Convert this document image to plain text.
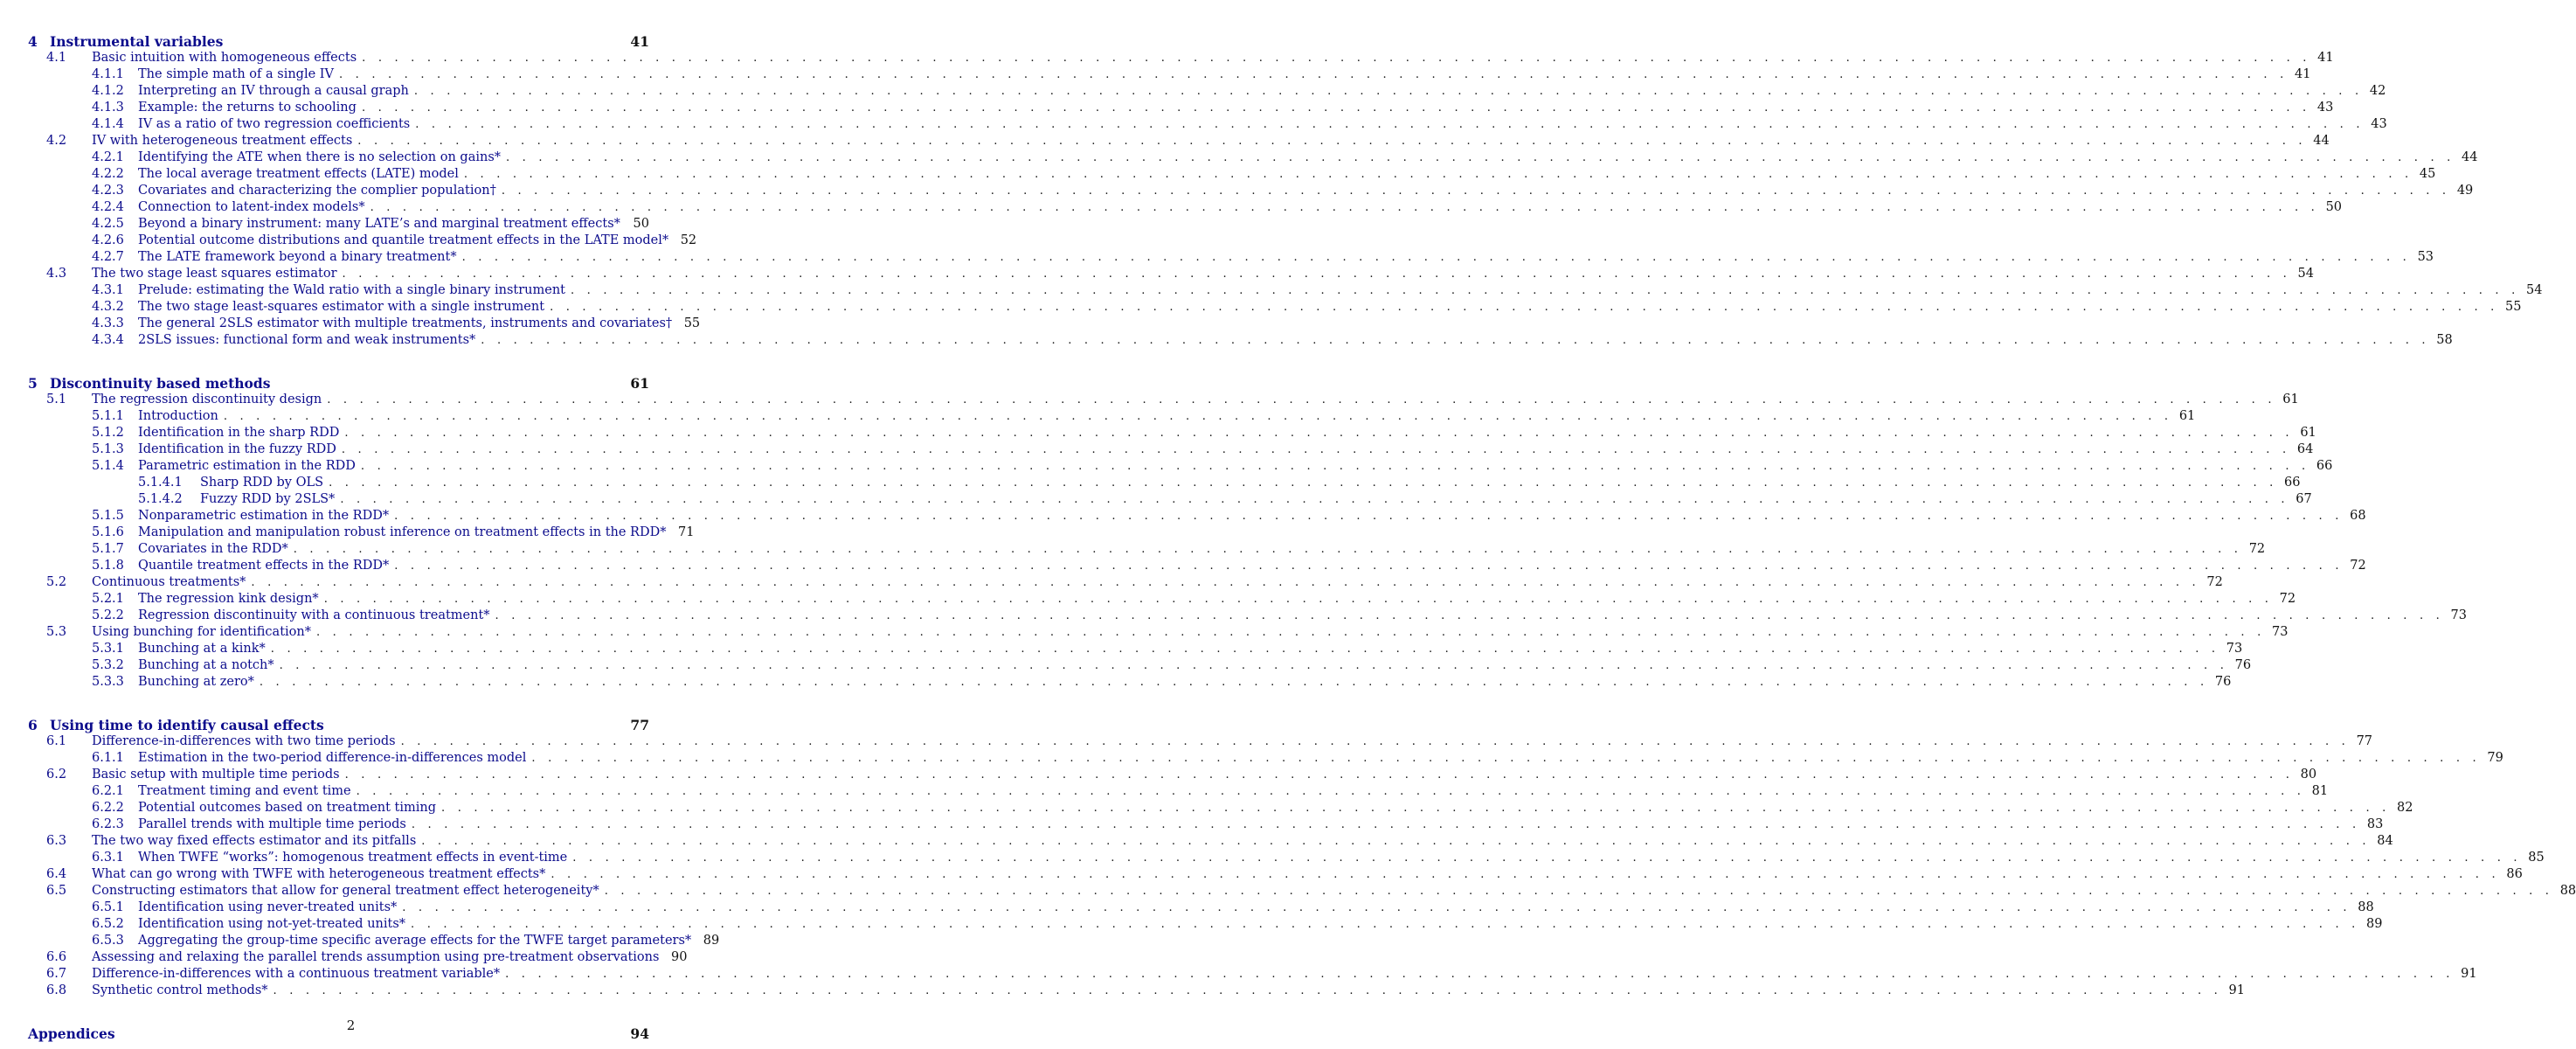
4 Instrumental variables	41
4.1	Basic intuition with homogeneous effects . . . . . . . . . . . . . . . . . . . . . . . . . . . . . . . . . . . . . . . . . . . . . . . . . . . . . . . . . . . . . . . . . . . . . . . . . . . . . . . . . . . . . . . . . . . . . . . . . . . . . . . . . . . . . . . . . . . . . . . . 41
4.1.1	The simple math of a single IV . . . . . . . . . . . . . . . . . . . . . . . . . . . . . . . . . . . . . . . . . . . . . . . . . . . . . . . . . . . . . . . . . . . . . . . . . . . . . . . . . . . . . . . . . . . . . . . . . . . . . . . . . . . . . . . . . . . . . . . . 41
4.1.2	Interpreting an IV through a causal graph . . . . . . . . . . . . . . . . . . . . . . . . . . . . . . . . . . . . . . . . . . . . . . . . . . . . . . . . . . . . . . . . . . . . . . . . . . . . . . . . . . . . . . . . . . . . . . . . . . . . . . . . . . . . . . . . . . . . . . . . 42
4.1.3	Example: the returns to schooling . . . . . . . . . . . . . . . . . . . . . . . . . . . . . . . . . . . . . . . . . . . . . . . . . . . . . . . . . . . . . . . . . . . . . . . . . . . . . . . . . . . . . . . . . . . . . . . . . . . . . . . . . . . . . . . . . . . . . . . . 43
4.1.4	IV as a ratio of two regression coefficients . . . . . . . . . . . . . . . . . . . . . . . . . . . . . . . . . . . . . . . . . . . . . . . . . . . . . . . . . . . . . . . . . . . . . . . . . . . . . . . . . . . . . . . . . . . . . . . . . . . . . . . . . . . . . . . . . . . . . . . . 43
4.2	IV with heterogeneous treatment effects . . . . . . . . . . . . . . . . . . . . . . . . . . . . . . . . . . . . . . . . . . . . . . . . . . . . . . . . . . . . . . . . . . . . . . . . . . . . . . . . . . . . . . . . . . . . . . . . . . . . . . . . . . . . . . . . . . . . . . . . 44
4.2.1	Identifying the ATE when there is no selection on gains* . . . . . . . . . . . . . . . . . . . . . . . . . . . . . . . . . . . . . . . . . . . . . . . . . . . . . . . . . . . . . . . . . . . . . . . . . . . . . . . . . . . . . . . . . . . . . . . . . . . . . . . . . . . . . . . . . . . . . . . . 44
4.2.2	The local average treatment effects (LATE) model . . . . . . . . . . . . . . . . . . . . . . . . . . . . . . . . . . . . . . . . . . . . . . . . . . . . . . . . . . . . . . . . . . . . . . . . . . . . . . . . . . . . . . . . . . . . . . . . . . . . . . . . . . . . . . . . . . . . . . . . 45
4.2.3	Covariates and characterizing the complier population† . . . . . . . . . . . . . . . . . . . . . . . . . . . . . . . . . . . . . . . . . . . . . . . . . . . . . . . . . . . . . . . . . . . . . . . . . . . . . . . . . . . . . . . . . . . . . . . . . . . . . . . . . . . . . . . . . . . . . . . . 49
4.2.4	Connection to latent-index models* . . . . . . . . . . . . . . . . . . . . . . . . . . . . . . . . . . . . . . . . . . . . . . . . . . . . . . . . . . . . . . . . . . . . . . . . . . . . . . . . . . . . . . . . . . . . . . . . . . . . . . . . . . . . . . . . . . . . . . . . 50
4.2.5	Beyond a binary instrument: many LATE’s and marginal treatment effects* 50
4.2.6	Potential outcome distributions and quantile treatment effects in the LATE model* 52
4.2.7	The LATE framework beyond a binary treatment* . . . . . . . . . . . . . . . . . . . . . . . . . . . . . . . . . . . . . . . . . . . . . . . . . . . . . . . . . . . . . . . . . . . . . . . . . . . . . . . . . . . . . . . . . . . . . . . . . . . . . . . . . . . . . . . . . . . . . . . . 53
4.3	The two stage least squares estimator . . . . . . . . . . . . . . . . . . . . . . . . . . . . . . . . . . . . . . . . . . . . . . . . . . . . . . . . . . . . . . . . . . . . . . . . . . . . . . . . . . . . . . . . . . . . . . . . . . . . . . . . . . . . . . . . . . . . . . . . 54
4.3.1	Prelude: estimating the Wald ratio with a single binary instrument . . . . . . . . . . . . . . . . . . . . . . . . . . . . . . . . . . . . . . . . . . . . . . . . . . . . . . . . . . . . . . . . . . . . . . . . . . . . . . . . . . . . . . . . . . . . . . . . . . . . . . . . . . . . . . . . . . . . . . . . 54
4.3.2	The two stage least-squares estimator with a single instrument . . . . . . . . . . . . . . . . . . . . . . . . . . . . . . . . . . . . . . . . . . . . . . . . . . . . . . . . . . . . . . . . . . . . . . . . . . . . . . . . . . . . . . . . . . . . . . . . . . . . . . . . . . . . . . . . . . . . . . . . 55
4.3.3	The general 2SLS estimator with multiple treatments, instruments and covariates† 55
4.3.4	2SLS issues: functional form and weak instruments* . . . . . . . . . . . . . . . . . . . . . . . . . . . . . . . . . . . . . . . . . . . . . . . . . . . . . . . . . . . . . . . . . . . . . . . . . . . . . . . . . . . . . . . . . . . . . . . . . . . . . . . . . . . . . . . . . . . . . . . . 58
5 Discontinuity based methods	61
5.1	The regression discontinuity design . . . . . . . . . . . . . . . . . . . . . . . . . . . . . . . . . . . . . . . . . . . . . . . . . . . . . . . . . . . . . . . . . . . . . . . . . . . . . . . . . . . . . . . . . . . . . . . . . . . . . . . . . . . . . . . . . . . . . . . . 61
5.1.1	Introduction . . . . . . . . . . . . . . . . . . . . . . . . . . . . . . . . . . . . . . . . . . . . . . . . . . . . . . . . . . . . . . . . . . . . . . . . . . . . . . . . . . . . . . . . . . . . . . . . . . . . . . . . . . . . . . . . . . . . . . . . 61
5.1.2	Identification in the sharp RDD . . . . . . . . . . . . . . . . . . . . . . . . . . . . . . . . . . . . . . . . . . . . . . . . . . . . . . . . . . . . . . . . . . . . . . . . . . . . . . . . . . . . . . . . . . . . . . . . . . . . . . . . . . . . . . . . . . . . . . . . 61
5.1.3	Identification in the fuzzy RDD . . . . . . . . . . . . . . . . . . . . . . . . . . . . . . . . . . . . . . . . . . . . . . . . . . . . . . . . . . . . . . . . . . . . . . . . . . . . . . . . . . . . . . . . . . . . . . . . . . . . . . . . . . . . . . . . . . . . . . . . 64
5.1.4	Parametric estimation in the RDD . . . . . . . . . . . . . . . . . . . . . . . . . . . . . . . . . . . . . . . . . . . . . . . . . . . . . . . . . . . . . . . . . . . . . . . . . . . . . . . . . . . . . . . . . . . . . . . . . . . . . . . . . . . . . . . . . . . . . . . . 66
5.1.4.1	Sharp RDD by OLS . . . . . . . . . . . . . . . . . . . . . . . . . . . . . . . . . . . . . . . . . . . . . . . . . . . . . . . . . . . . . . . . . . . . . . . . . . . . . . . . . . . . . . . . . . . . . . . . . . . . . . . . . . . . . . . . . . . . . . . . 66
5.1.4.2	Fuzzy RDD by 2SLS* . . . . . . . . . . . . . . . . . . . . . . . . . . . . . . . . . . . . . . . . . . . . . . . . . . . . . . . . . . . . . . . . . . . . . . . . . . . . . . . . . . . . . . . . . . . . . . . . . . . . . . . . . . . . . . . . . . . . . . . . 67
5.1.5	Nonparametric estimation in the RDD* . . . . . . . . . . . . . . . . . . . . . . . . . . . . . . . . . . . . . . . . . . . . . . . . . . . . . . . . . . . . . . . . . . . . . . . . . . . . . . . . . . . . . . . . . . . . . . . . . . . . . . . . . . . . . . . . . . . . . . . . 68
5.1.6	Manipulation and manipulation robust inference on treatment effects in the RDD* 71
5.1.7	Covariates in the RDD* . . . . . . . . . . . . . . . . . . . . . . . . . . . . . . . . . . . . . . . . . . . . . . . . . . . . . . . . . . . . . . . . . . . . . . . . . . . . . . . . . . . . . . . . . . . . . . . . . . . . . . . . . . . . . . . . . . . . . . . . 72
5.1.8	Quantile treatment effects in the RDD* . . . . . . . . . . . . . . . . . . . . . . . . . . . . . . . . . . . . . . . . . . . . . . . . . . . . . . . . . . . . . . . . . . . . . . . . . . . . . . . . . . . . . . . . . . . . . . . . . . . . . . . . . . . . . . . . . . . . . . . . 72
5.2	Continuous treatments* . . . . . . . . . . . . . . . . . . . . . . . . . . . . . . . . . . . . . . . . . . . . . . . . . . . . . . . . . . . . . . . . . . . . . . . . . . . . . . . . . . . . . . . . . . . . . . . . . . . . . . . . . . . . . . . . . . . . . . . . 72
5.2.1	The regression kink design* . . . . . . . . . . . . . . . . . . . . . . . . . . . . . . . . . . . . . . . . . . . . . . . . . . . . . . . . . . . . . . . . . . . . . . . . . . . . . . . . . . . . . . . . . . . . . . . . . . . . . . . . . . . . . . . . . . . . . . . . 72
5.2.2	Regression discontinuity with a continuous treatment* . . . . . . . . . . . . . . . . . . . . . . . . . . . . . . . . . . . . . . . . . . . . . . . . . . . . . . . . . . . . . . . . . . . . . . . . . . . . . . . . . . . . . . . . . . . . . . . . . . . . . . . . . . . . . . . . . . . . . . . . 73
5.3	Using bunching for identification* . . . . . . . . . . . . . . . . . . . . . . . . . . . . . . . . . . . . . . . . . . . . . . . . . . . . . . . . . . . . . . . . . . . . . . . . . . . . . . . . . . . . . . . . . . . . . . . . . . . . . . . . . . . . . . . . . . . . . . . . 73
5.3.1	Bunching at a kink* . . . . . . . . . . . . . . . . . . . . . . . . . . . . . . . . . . . . . . . . . . . . . . . . . . . . . . . . . . . . . . . . . . . . . . . . . . . . . . . . . . . . . . . . . . . . . . . . . . . . . . . . . . . . . . . . . . . . . . . . 73
5.3.2	Bunching at a notch* . . . . . . . . . . . . . . . . . . . . . . . . . . . . . . . . . . . . . . . . . . . . . . . . . . . . . . . . . . . . . . . . . . . . . . . . . . . . . . . . . . . . . . . . . . . . . . . . . . . . . . . . . . . . . . . . . . . . . . . . 76
5.3.3	Bunching at zero* . . . . . . . . . . . . . . . . . . . . . . . . . . . . . . . . . . . . . . . . . . . . . . . . . . . . . . . . . . . . . . . . . . . . . . . . . . . . . . . . . . . . . . . . . . . . . . . . . . . . . . . . . . . . . . . . . . . . . . . . 76
6 Using time to identify causal effects	77
6.1	Difference-in-differences with two time periods . . . . . . . . . . . . . . . . . . . . . . . . . . . . . . . . . . . . . . . . . . . . . . . . . . . . . . . . . . . . . . . . . . . . . . . . . . . . . . . . . . . . . . . . . . . . . . . . . . . . . . . . . . . . . . . . . . . . . . . . 77
6.1.1	Estimation in the two-period difference-in-differences model . . . . . . . . . . . . . . . . . . . . . . . . . . . . . . . . . . . . . . . . . . . . . . . . . . . . . . . . . . . . . . . . . . . . . . . . . . . . . . . . . . . . . . . . . . . . . . . . . . . . . . . . . . . . . . . . . . . . . . . . 79
6.2	Basic setup with multiple time periods . . . . . . . . . . . . . . . . . . . . . . . . . . . . . . . . . . . . . . . . . . . . . . . . . . . . . . . . . . . . . . . . . . . . . . . . . . . . . . . . . . . . . . . . . . . . . . . . . . . . . . . . . . . . . . . . . . . . . . . . 80
6.2.1	Treatment timing and event time . . . . . . . . . . . . . . . . . . . . . . . . . . . . . . . . . . . . . . . . . . . . . . . . . . . . . . . . . . . . . . . . . . . . . . . . . . . . . . . . . . . . . . . . . . . . . . . . . . . . . . . . . . . . . . . . . . . . . . . . 81
6.2.2	Potential outcomes based on treatment timing . . . . . . . . . . . . . . . . . . . . . . . . . . . . . . . . . . . . . . . . . . . . . . . . . . . . . . . . . . . . . . . . . . . . . . . . . . . . . . . . . . . . . . . . . . . . . . . . . . . . . . . . . . . . . . . . . . . . . . . . 82
6.2.3	Parallel trends with multiple time periods . . . . . . . . . . . . . . . . . . . . . . . . . . . . . . . . . . . . . . . . . . . . . . . . . . . . . . . . . . . . . . . . . . . . . . . . . . . . . . . . . . . . . . . . . . . . . . . . . . . . . . . . . . . . . . . . . . . . . . . . 83
6.3	The two way fixed effects estimator and its pitfalls . . . . . . . . . . . . . . . . . . . . . . . . . . . . . . . . . . . . . . . . . . . . . . . . . . . . . . . . . . . . . . . . . . . . . . . . . . . . . . . . . . . . . . . . . . . . . . . . . . . . . . . . . . . . . . . . . . . . . . . . 84
6.3.1	When TWFE “works”: homogenous treatment effects in event-time . . . . . . . . . . . . . . . . . . . . . . . . . . . . . . . . . . . . . . . . . . . . . . . . . . . . . . . . . . . . . . . . . . . . . . . . . . . . . . . . . . . . . . . . . . . . . . . . . . . . . . . . . . . . . . . . . . . . . . . . 85
6.4	What can go wrong with TWFE with heterogeneous treatment effects* . . . . . . . . . . . . . . . . . . . . . . . . . . . . . . . . . . . . . . . . . . . . . . . . . . . . . . . . . . . . . . . . . . . . . . . . . . . . . . . . . . . . . . . . . . . . . . . . . . . . . . . . . . . . . . . . . . . . . . . . 86
6.5	Constructing estimators that allow for general treatment effect heterogeneity* . . . . . . . . . . . . . . . . . . . . . . . . . . . . . . . . . . . . . . . . . . . . . . . . . . . . . . . . . . . . . . . . . . . . . . . . . . . . . . . . . . . . . . . . . . . . . . . . . . . . . . . . . . . . . . . . . . . . . . . . 88
6.5.1	Identification using never-treated units* . . . . . . . . . . . . . . . . . . . . . . . . . . . . . . . . . . . . . . . . . . . . . . . . . . . . . . . . . . . . . . . . . . . . . . . . . . . . . . . . . . . . . . . . . . . . . . . . . . . . . . . . . . . . . . . . . . . . . . . . 88
6.5.2	Identification using not-yet-treated units* . . . . . . . . . . . . . . . . . . . . . . . . . . . . . . . . . . . . . . . . . . . . . . . . . . . . . . . . . . . . . . . . . . . . . . . . . . . . . . . . . . . . . . . . . . . . . . . . . . . . . . . . . . . . . . . . . . . . . . . . 89
6.5.3	Aggregating the group-time specific average effects for the TWFE target parameters* 89
6.6	Assessing and relaxing the parallel trends assumption using pre-treatment observations 90
6.7	Difference-in-differences with a continuous treatment variable* . . . . . . . . . . . . . . . . . . . . . . . . . . . . . . . . . . . . . . . . . . . . . . . . . . . . . . . . . . . . . . . . . . . . . . . . . . . . . . . . . . . . . . . . . . . . . . . . . . . . . . . . . . . . . . . . . . . . . . . . 91
6.8	Synthetic control methods* . . . . . . . . . . . . . . . . . . . . . . . . . . . . . . . . . . . . . . . . . . . . . . . . . . . . . . . . . . . . . . . . . . . . . . . . . . . . . . . . . . . . . . . . . . . . . . . . . . . . . . . . . . . . . . . . . . . . . . . . 91
Appendices	94
2
